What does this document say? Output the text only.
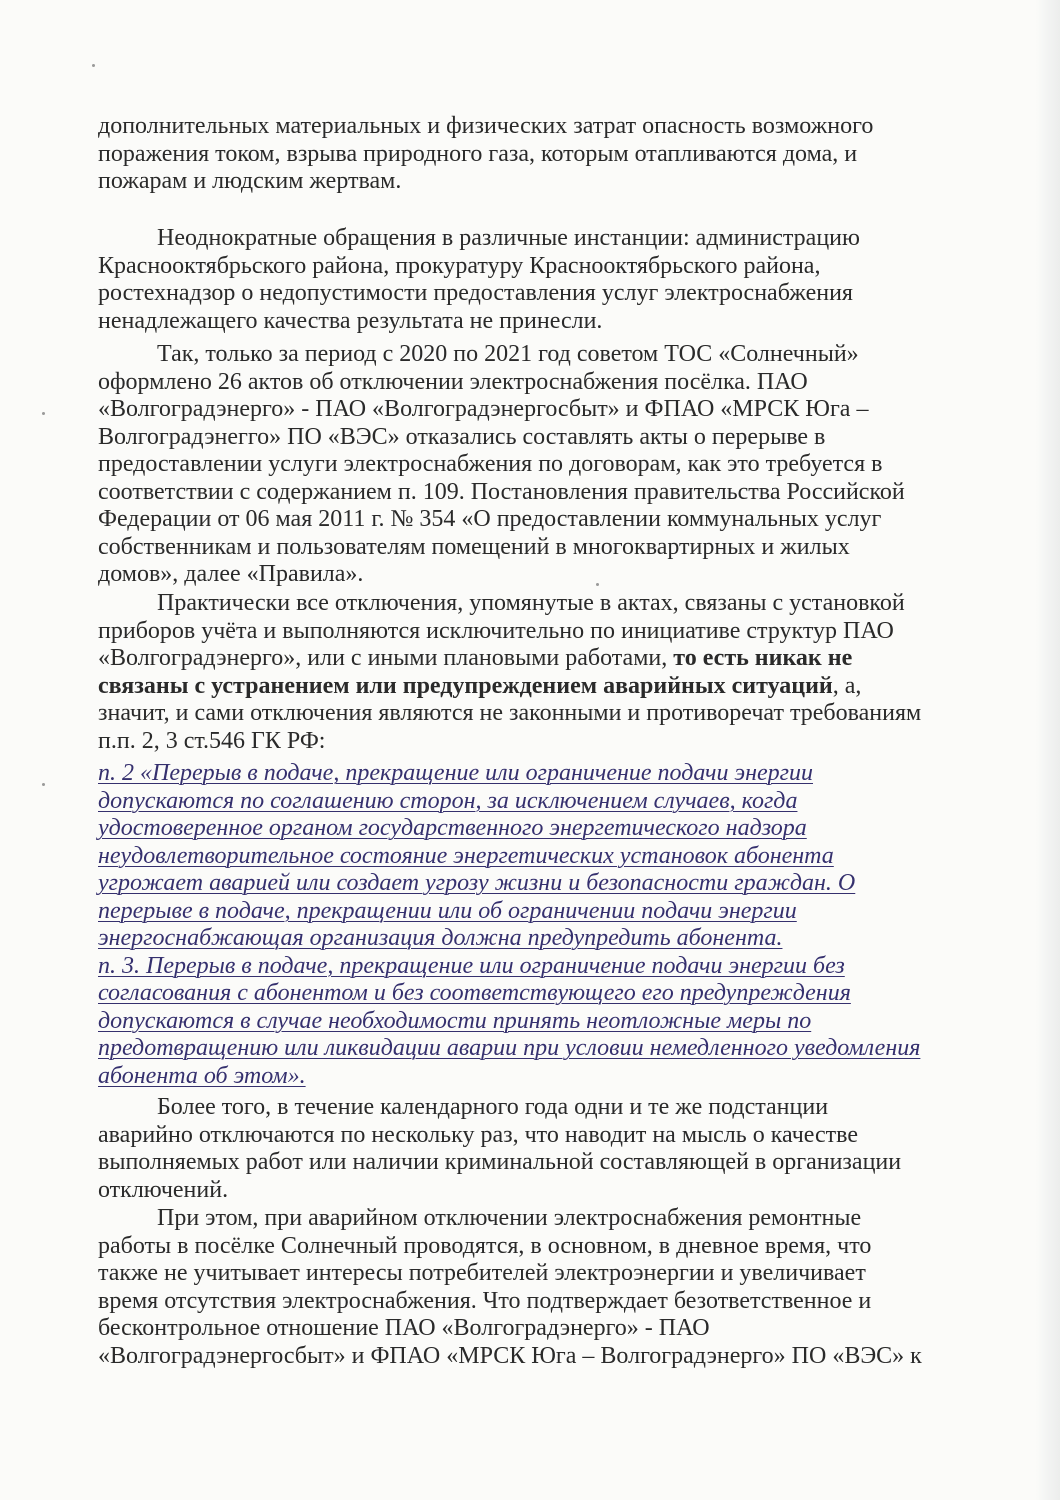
дополнительных материальных и физических затрат опасность возможного
поражения током, взрыва природного газа, которым отапливаются дома, и
пожарам и людским жертвам.
Неоднократные обращения в различные инстанции: администрацию
Краснооктябрьского района, прокуратуру Краснооктябрьского района,
ростехнадзор о недопустимости предоставления услуг электроснабжения
ненадлежащего качества результата не принесли.
Так, только за период с 2020 по 2021 год советом ТОС «Солнечный»
оформлено 26 актов об отключении электроснабжения посёлка. ПАО
«Волгоградэнерго» - ПАО «Волгоградэнергосбыт» и ФПАО «МРСК Юга –
Волгоградэнегго» ПО «ВЭС» отказались составлять акты о перерыве в
предоставлении услуги электроснабжения по договорам, как это требуется в
соответствии с содержанием п. 109. Постановления правительства Российской
Федерации от 06 мая 2011 г. № 354 «О предоставлении коммунальных услуг
собственникам и пользователям помещений в многоквартирных и жилых
домов», далее «Правила».
Практически все отключения, упомянутые в актах, связаны с установкой
приборов учёта и выполняются исключительно по инициативе структур ПАО
«Волгоградэнерго», или с иными плановыми работами, то есть никак не
связаны с устранением или предупреждением аварийных ситуаций, а,
значит, и сами отключения являются не законными и противоречат требованиям
п.п. 2, 3 ст.546 ГК РФ:
п. 2 «Перерыв в подаче, прекращение или ограничение подачи энергии
допускаются по соглашению сторон, за исключением случаев, когда
удостоверенное органом государственного энергетического надзора
неудовлетворительное состояние энергетических установок абонента
угрожает аварией или создает угрозу жизни и безопасности граждан. О
перерыве в подаче, прекращении или об ограничении подачи энергии
энергоснабжающая организация должна предупредить абонента.
п. 3. Перерыв в подаче, прекращение или ограничение подачи энергии без
согласования с абонентом и без соответствующего его предупреждения
допускаются в случае необходимости принять неотложные меры по
предотвращению или ликвидации аварии при условии немедленного уведомления
абонента об этом».
Более того, в течение календарного года одни и те же подстанции
аварийно отключаются по нескольку раз, что наводит на мысль о качестве
выполняемых работ или наличии криминальной составляющей в организации
отключений.
При этом, при аварийном отключении электроснабжения ремонтные
работы в посёлке Солнечный проводятся, в основном, в дневное время, что
также не учитывает интересы потребителей электроэнергии и увеличивает
время отсутствия электроснабжения. Что подтверждает безответственное и
бесконтрольное отношение ПАО «Волгоградэнерго» - ПАО
«Волгоградэнергосбыт» и ФПАО «МРСК Юга – Волгоградэнерго» ПО «ВЭС» к
